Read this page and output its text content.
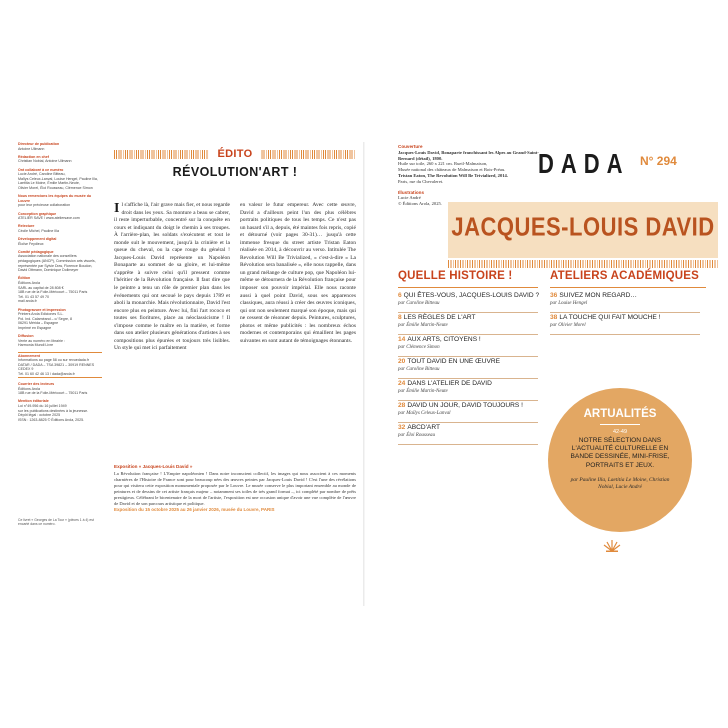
Directeur de publication
Antoine Ullmann
Rédaction en chef
Christian Nobial, Antoine Ullmann
Ont collaboré à ce numéro
Lucie André, Caroline Bitteau,
Maïlys Celeux-Lanval, Louise Hengel, Pauline Illa,
Laetitia Le Moine, Émilie Martin-Neute,
Olivier Morel, Éloi Rousseau, Clémence Simon
Nous remercions les équipes du musée du Louvre
pour leur précieuse collaboration
Conception graphique
ATELIER SAVE / www.ateliersave.com
Relecture
Cécile Michel, Pauline Illa
Développement digital
Éloïse Feydieux
Comité pédagogique
Association nationale des conseillers
pédagogiques (ANCP), Commission arts visuels,
représentée par Sylvie Dow, Florence Boudon,
David Ottmann, Dominique Dollmeyer
Édition
Éditions Arola
SARL au capital de 28 808 €
18B rue de la Folie-Méricourt – 75011 Paris
Tél. 01 43 57 49 70
mail arola.fr
Photogravure et impression
Printers Arola Ediciones S.L.
Pol. Ind. Calaméand – c/ Segre, 8
06291 Mérida – Espagne
Imprimé en Espagne
Diffusion
Vente au numéro en librairie :
Harmonia Mundi Livre
Abonnement
Informations au page 58 ou sur revuedada.fr
DATAR / DADA – TSA 39821 – 30919 RENNES CEDEX 9
Tél. 01 60 42 46 13 / dada@arola.fr
Courrier des lecteurs
Éditions Arola
18B rue de la Folie-Méricourt – 75011 Paris
Mention éditoriale
Loi n°49-956 du 16 juillet 1949
sur les publications destinées à la jeunesse.
Dépôt légal : octobre 2025
ISSN : 1263-8825 © Éditions Arola, 2025.
Ce livret « Georges de La Tour » (pièces 1 à 4) est encarté dans ce numéro.
ÉDITO
RÉVOLUTION'ART !
Il s'affiche là, l'air grave mais fier, et nous regarde droit dans les yeux. Sa monture a beau se cabrer, il reste imperturbable, concentré sur la conquête en cours et indiquant du doigt le chemin à ses troupes. À l'arrière-plan, les soldats s'exécutent et tout le monde suit le mouvement, jusqu'à la crinière et la queue du cheval, ou la cape rouge du général ! Jacques-Louis David représente un Napoléon Bonaparte au sommet de sa gloire, et lui-même s'apprête à suivre celui qu'il pressent comme l'héritier de la Révolution française. Il faut dire que le peintre a tenu un rôle de premier plan dans les événements qui ont secoué le pays depuis 1789 et aboli la monarchie. Mais révolutionnaire, David l'est encore plus en peinture. Avec lui, fini l'art rococo et toutes ses fioritures, place au néoclassicisme ! Il s'impose comme le maître en la matière, et forme dans son atelier plusieurs générations d'artistes à ses compositions plus épurées et toujours très lisibles. Un style qui met ici parfaitement
en valeur le futur empereur. Avec cette œuvre, David a d'ailleurs peint l'un des plus célèbres portraits politiques de tous les temps. Ce n'est pas un hasard s'il a, depuis, été maintes fois repris, copié et détourné (voir pages 30-31)… jusqu'à cette immense fresque du street artiste Tristan Eaton réalisée en 2014, à découvrir au verso. Intitulée The Revolution Will Be Trivialized, « c'est-à-dire » La Révolution sera banalisée », elle nous rappelle, dans un grand mélange de culture pop, que Napoléon lui-même se détournera de la Révolution française pour imposer son pouvoir impérial. Elle nous raconte aussi à quel point David, sous ses apparences classiques, aura réussi à créer des œuvres iconiques, qui ont non seulement marqué son époque, mais qui ne cessent de résonner depuis. Peintures, sculptures, photos et même publicités : les nombreux échos modernes et contemporains qui émaillent les pages suivantes en sont autant de témoignages étonnants.
Exposition « Jacques-Louis David »
La Révolution française ! L'Empire napoléonien ! Dans notre inconscient collectif, les images qui nous associent à ces moments charnières de l'Histoire de France sont pour beaucoup nées des œuvres peintes par Jacques-Louis David ! C'est l'une des révélations pour qui visitera cette exposition monumentale proposée par le Louvre. Le musée conserve le plus important ensemble au monde de peintures et de dessins de cet artiste français majeur – notamment ses toiles de très grand format –, ici complété par nombre de prêts prestigieux. Célébrant le bicentenaire de la mort de l'artiste, l'exposition est une occasion unique d'avoir une vue complète de l'œuvre de David et de son parcours artistique et politique.
Exposition du 15 octobre 2025 au 26 janvier 2026, musée du Louvre, PARIS
Couverture
Jacques-Louis David, Bonaparte franchissant les Alpes au Grand-Saint-Bernard (détail), 1800.
Huile sur toile, 260 x 221 cm. Rueil-Malmaison,
Musée national des châteaux de Malmaison et Bois-Préau.
Tristan Eaton, The Revolution Will Be Trivialized, 2014.
Paris, rue du Chevaleret.
Illustrations
Lucie André
© Éditions Arola, 2025.
DADA N° 294
JACQUES-LOUIS DAVID
QUELLE HISTOIRE !
6 QUI ÊTES-VOUS, JACQUES-LOUIS DAVID ?
par Caroline Bitteau
8 LES RÈGLES DE L'ART
par Émilie Martin-Neute
14 AUX ARTS, CITOYENS !
par Clémence Simon
20 TOUT DAVID EN UNE ŒUVRE
par Caroline Bitteau
24 DANS L'ATELIER DE DAVID
par Émilie Martin-Neute
28 DAVID UN JOUR, DAVID TOUJOURS !
par Maïlys Celeux-Lanval
32 ABCD'ART
par Éloi Rousseau
ATELIERS ACADÉMIQUES
36 SUIVEZ MON REGARD…
par Louise Hengel
38 LA TOUCHE QUI FAIT MOUCHE !
par Olivier Morel
ARTUALITÉS
42-49
NOTRE SÉLECTION DANS L'ACTUALITÉ CULTURELLE EN BANDE DESSINÉE, MINI-FRISE, PORTRAITS ET JEUX.
par Pauline Illa, Laetitia Le Moine, Christian Nobial, Lucie André
